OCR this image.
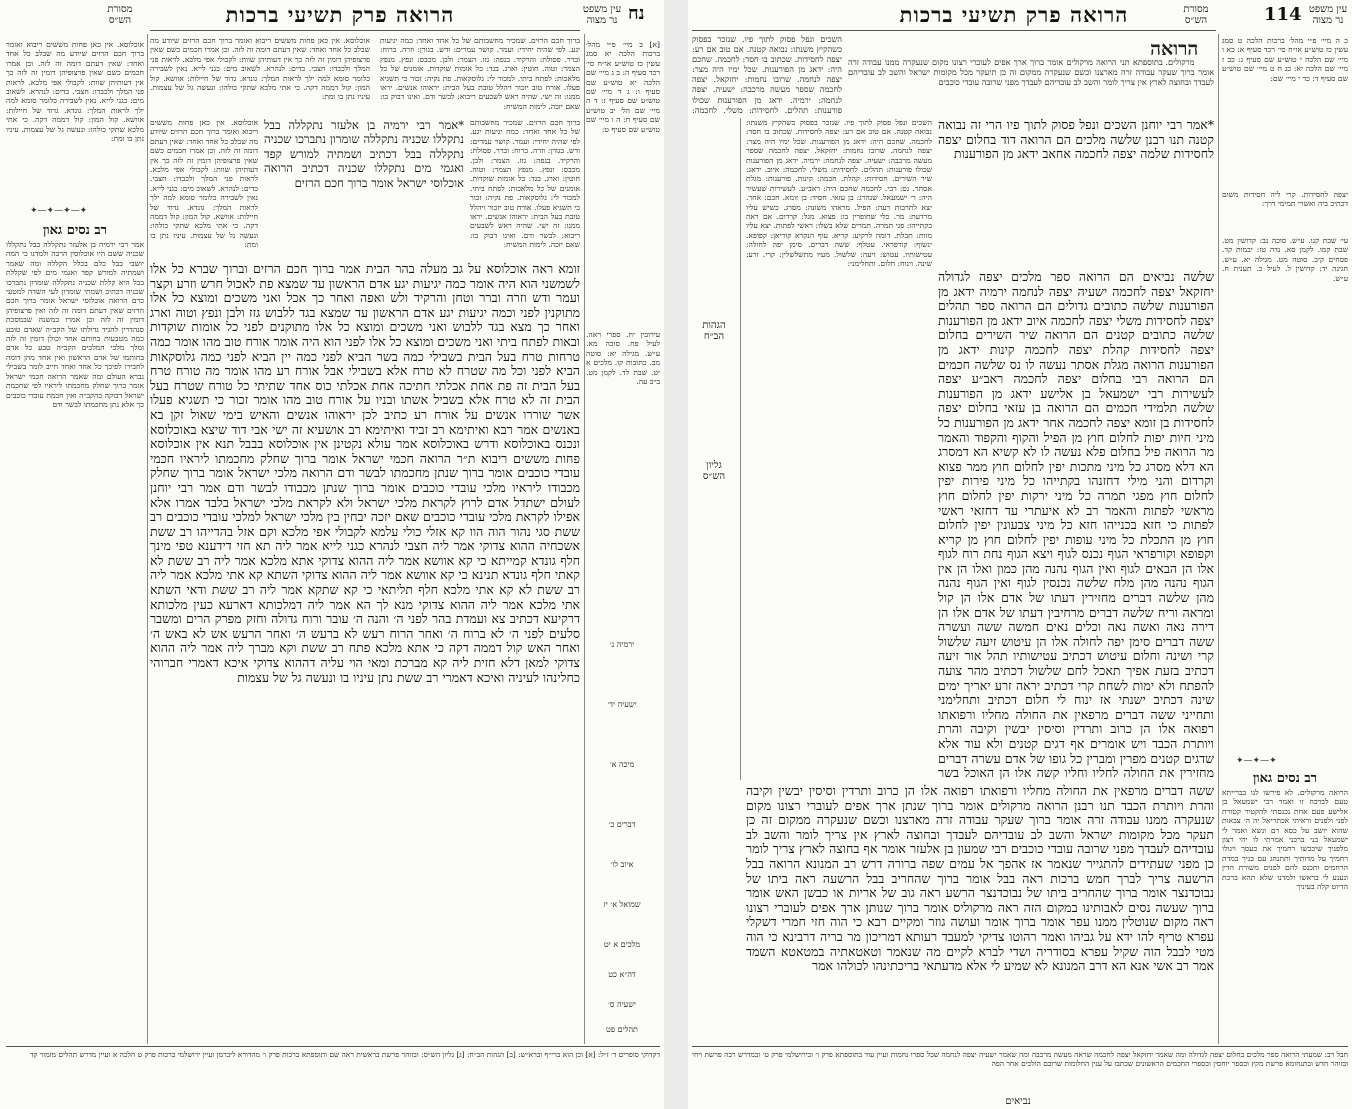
עין משפט
נר מצוה
הרואה פרק תשיעי ברכות	נח
מסורת
הש״ס
ברוך חכם הרזים. שמכיר מחשבותם של כל אחד ואחד: כמה יגיעות יגע. לפי שהיה יחידי: ועמר. קושר עמרים: ודש. בגורן: וזרה. ברוח: וברר. פסולת: והרקיד. בנפה: גזז. הצמר: ולבן. מכבס: ונפץ. מנפץ הצמר: וטוה. חוטין: וארג. בגד: כל אומות שוקדות. אומנים של כל מלאכות: לפתח ביתי. למכור לי: גלוסקאות. פת נקיה: זכור כי תשגיא פעלו. אורח טוב יזכור ויהלל טובת בעל הבית: יראוהו אנשים. יראו ממנו: זה ישי. שהיה ראש לשבעים ריבוא: לבשר ודם. ואינו דבוק בו: שאם יזכה. לימות המשיח:
אוכלוסא. אין כאן פחות מששים ריבוא ואומר ברוך חכם הרזים שיודע מה שבלב כל אחד ואחד: שאין דעתם דומה זה לזה. וכן אמרו חכמים כשם שאין פרצופיהן דומין זה לזה כך אין דעותיהן שוות: לקבולי אפי מלכא. לראות פני המלך ולכבדו: חצבי. כדים: לנהרא. לשאוב מים: כגני לייא. נאין לשבירה כלומר סומא למה ילך לראות המלך: גונדא. גדוד של חיילות: אוושא. קול המון: קול דממה דקה. כי אתי מלכא שתקי כולהו: ונעשה גל של עצמות. עיניו נתן בו ומת:
*אמר רבי ירמיה בן אלעזר נתקללה בבל נתקללו שכניה נתקללה שומרון נתברכו שכניה נתקללה בבל דכתיב ושמתיה למורש קפד ואגמי מים נתקללו שכניה דכתיב הרואה אוכלוסי ישראל אומר ברוך חכם הרזים
אוכלוסא. אין כאן פחות מששים ריבוא ואומר ברוך חכם הרזים שיודע מה שבלב כל אחד ואחד: שאין דעתם דומה זה לזה. וכן אמרו חכמים כשם שאין פרצופיהן דומין זה לזה כך אין דעותיהן שוות: לקבולי אפי מלכא. לראות פני המלך ולכבדו: חצבי. כדים: לנהרא. לשאוב מים: כגני לייא. נאין לשבירה כלומר סומא למה ילך לראות המלך: גונדא. גדוד של חיילות: אוושא. קול המון: קול דממה דקה. כי אתי מלכא שתקי כולהו: ונעשה גל של עצמות. עיניו נתן בו ומת:
ברוך חכם הרזים. שמכיר מחשבותם של כל אחד ואחד: כמה יגיעות יגע. לפי שהיה יחידי: ועמר. קושר עמרים: ודש. בגורן: וזרה. ברוח: וברר. פסולת: והרקיד. בנפה: גזז. הצמר: ולבן. מכבס: ונפץ. מנפץ הצמר: וטוה. חוטין: וארג. בגד: כל אומות שוקדות. אומנים של כל מלאכות: לפתח ביתי. למכור לי: גלוסקאות. פת נקיה: זכור כי תשגיא פעלו. אורח טוב יזכור ויהלל טובת בעל הבית: יראוהו אנשים. יראו ממנו: זה ישי. שהיה ראש לשבעים ריבוא: לבשר ודם. ואינו דבוק בו: שאם יזכה. לימות המשיח:
זומא ראה אוכלוסא על גב מעלה בהר הבית אמר ברוך חכם הרזים וברוך שברא כל אלו לשמשני הוא היה אומר כמה יגיעות יגע אדם הראשון עד שמצא פת לאכול חרש וזרע וקצר ועמר ודש וזרה וברר וטחן והרקיד ולש ואפה ואחר כך אכל ואני משכים ומוצא כל אלו מתוקנין לפני וכמה יגיעות יגע אדם הראשון עד שמצא בגד ללבוש גזז ולבן ונפץ וטוה וארג ואחר כך מצא בגד ללבוש ואני משכים ומוצא כל אלו מתוקנים לפני כל אומות שוקדות ובאות לפתח ביתי ואני משכים ומוצא כל אלו לפני הוא היה אומר אורח טוב מהו אומר כמה טרחות טרח בעל הבית בשבילי כמה בשר הביא לפני כמה יין הביא לפני כמה גלוסקאות הביא לפני וכל מה שטרח לא טרח אלא בשבילי אבל אורח רע מהו אומר מה טורח טרח בעל הבית זה פת אחת אכלתי חתיכה אחת אכלתי כוס אחד שתיתי כל טורח שטרח בעל הבית זה לא טרח אלא בשביל אשתו ובניו על אורח טוב מהו אומר זכור כי תשגיא פעלו אשר שוררו אנשים על אורח רע כתיב לכן יראוהו אנשים והאיש בימי שאול זקן בא באנשים אמר רבא ואיתימא רב זביד ואיתימא רב אושעיא זה ישי אבי דוד שיצא באוכלוסא ונכנס באוכלוסא ודרש באוכלוסא אמר עולא נקטינן אין אוכלוסא בבבל תנא אין אוכלוסא פחות מששים ריבוא ת״ר הרואה חכמי ישראל אומר ברוך שחלק מחכמתו ליראיו חכמי עובדי כוכבים אומר ברוך שנתן מחכמתו לבשר ודם הרואה מלכי ישראל אומר ברוך שחלק מכבודו ליראיו מלכי עובדי כוכבים אומר ברוך שנתן מכבודו לבשר ודם אמר רבי יוחנן לעולם ישתדל אדם לרוץ לקראת מלכי ישראל ולא לקראת מלכי ישראל בלבד אמרו אלא אפילו לקראת מלכי עובדי כוכבים שאם יזכה יבחין בין מלכי ישראל למלכי עובדי כוכבים רב ששת סגי נהור הוה הוו קא אזלי כולי עלמא לקבולי אפי מלכא וקם אזל בהדייהו רב ששת אשכחיה ההוא צדוקי אמר ליה חצבי לנהרא כגני לייא אמר ליה תא חזי דידענא טפי מינך חלף גונדא קמייתא כי קא אוושא אמר ליה ההוא צדוקי אתא מלכא אמר ליה רב ששת לא קאתי חלף גונדא תנינא כי קא אוושא אמר ליה ההוא צדוקי השתא קא אתי מלכא אמר ליה רב ששת לא קא אתי מלכא חלף תליתאי כי קא שתקא אמר ליה רב ששת ודאי השתא אתי מלכא אמר ליה ההוא צדוקי מנא לך הא אמר ליה דמלכותא דארעא כעין מלכותא דרקיעא דכתיב צא ועמדת בהר לפני ה׳ והנה ה׳ עובר ורוח גדולה וחזק מפרק הרים ומשבר סלעים לפני ה׳ לא ברוח ה׳ ואחר הרוח רעש לא ברעש ה׳ ואחר הרעש אש לא באש ה׳ ואחר האש קול דממה דקה כי אתא מלכא פתח רב ששת וקא מברך ליה אמר ליה ההוא צדוקי למאן דלא חזית ליה קא מברכת ומאי הוי עליה דההוא צדוקי איכא דאמרי חברוהי כחלינהו לעיניה ואיכא דאמרי רב ששת נתן עיניו בו ונעשה גל של עצמות
[א] ב מיי׳ פ״י מהל׳ ברכות הלכה יא סמג עשין כז טוש״ע או״ח סי׳ רכד סעיף ה: ב ג מיי׳ שם הלכה יא טוש״ע שם סעיף ו: ג ד מיי׳ שם טוש״ע שם סעיף ז: ד ה מיי׳ שם הל׳ יב טוש״ע שם סעיף ח: ה ו מיי׳ שם טוש״ע שם סעיף ט:
עירובין יח. ספרי ראה. לעיל פח. סוכה מא. ע״ש. מגילה יא: סוטה מב. כתובות קו. מלכים א יט. שבת לד. לקמן מט. ב״ב עה.
אוכלוסא. אין כאן פחות מששים ריבוא ואומר ברוך חכם הרזים שיודע מה שבלב כל אחד ואחד: שאין דעתם דומה זה לזה. וכן אמרו חכמים כשם שאין פרצופיהן דומין זה לזה כך אין דעותיהן שוות: לקבולי אפי מלכא. לראות פני המלך ולכבדו: חצבי. כדים: לנהרא. לשאוב מים: כגני לייא. נאין לשבירה כלומר סומא למה ילך לראות המלך: גונדא. גדוד של חיילות: אוושא. קול המון: קול דממה דקה. כי אתי מלכא שתקי כולהו: ונעשה גל של עצמות. עיניו נתן בו ומת:
✦—✦—✦—✦
רב נסים גאון
אמר רבי ירמיה בן אלעזר נתקללה בבל נתקללו שכניה ששם היו אוכלוסין הרבה ולמדנו כי המה יושבי בבל כלם בכלל הקללה ומה שאמר ושמתיה למורש קפד ואגמי מים לפי שקללת בבל היא קללת שכניה נתקללה שומרון נתברכו שכניה דכתיב ושמתי שומרון לעי השדה למטעי כרם הרואה אוכלוסי ישראל אומר ברוך חכם הרזים שאין דעתם דומה זה לזה ואין פרצופיהן דומין זה לזה וכן אמרו במשנה שבמסכת סנהדרין להגיד גדולתו של הקב״ה שאדם טובע כמה מטבעות בחותם אחד וכולן דומין זה לזה ומלך מלכי המלכים הקב״ה טבע כל אדם בחותמו של אדם הראשון ואין אחד מהן דומה לחבירו לפיכך כל אחד ואחד חייב לומר בשבילי נברא העולם ומה שאמר הרואה חכמי ישראל אומר ברוך שחלק מחכמתו ליראיו לפי שחכמת ישראל דבוקה בהקב״ה ואין חכמת עובדי כוכבים כך אלא נתן מחכמתו לבשר ודם
ירמיה נ׳
ישעיה יד׳
מיכה א׳
דברים כ׳
איוב לו׳
שמואל א׳ יז
מלכים א יט
דה״א כט
ישעיה ס׳
תהלים פט
דקדוקי סופרים ד׳ ז״ל: [א] וכן הוא ברי״ף וברא״ש: [ב] הגהות הב״ח: [ג] גליון הש״ס: ובזוהר פרשת בראשית ראה שם ותוספתא ברכות פרק ו׳ מהדורא ליברמן ועיין ירושלמי ברכות פרק ט הלכה א ועיין מדרש תהלים מזמור קד
עין משפט
נר מצוה
114
הרואה פרק תשיעי ברכות	מסורת
הש״ס
כ ה מיי׳ פ״י מהל׳ ברכות הלכה ט סמג עשין כז טוש״ע או״ח סי׳ רכד סעיף א: כא ו מיי׳ שם הלכה י טוש״ע שם סעיף ג: כב ז מיי׳ שם הלכה יא: כג ח ט מיי׳ שם טוש״ע שם סעיף ד: כד י מיי׳ שם:
יצפה לחסידות. קרי ליה חסידות משום דכתיב ביה ואשרי תמימי דרך:
עי׳ שבת קנו. ע״ש. סוכה נב: קדושין מט. שבת קמו. לקמן סא. נדה טז: יבמות קד. פסחים קיב. סוטה מט. מגילה יא. ע״ש. חגיגה יד: קדושין ל. לעיל כ. תענית ח. ע״ש.
✦—✦—✦
רב נסים גאון
הרואה מרקולים. לא פירשו לנו בברייתא טעם לברכה זו ואמר רבי ישמעאל בן אלישע פעם אחת נכנסתי להקטיר קטורת לפני ולפנים וראיתי אכתריאל יה ה׳ צבאות שהוא יושב על כסא רם ונשא ואמר לי ישמעאל בני ברכני אמרתי לו יהי רצון מלפניך שיכבשו רחמיך את כעסך ויגולו רחמיך על מדותיך ותתנהג עם בניך במדת הרחמים ותכנס להם לפנים משורת הדין ונענע לי בראשו ולמדנו שלא תהא ברכת הדיוט קלה בעיניך

הרואה
מרקולים. בתוספתא תני הרואה מרקולים אומר ברוך ארך אפים לעוברי רצונו מקום שנעקרה ממנו עבודה זרה אומר ברוך שעקר עבודה זרה מארצנו וכשם שנעקרה ממקום זה כן תיעקר מכל מקומות ישראל והשב לב עובדיהם לעבדך ובחוצה לארץ אין צריך לומר והשב לב עובדיהם לעבדך מפני שרובה עובדי כוכבים

השכים ונפל פסוק לתוך פיו. שנזכר בפסוק כשהקיץ משנתו: נבואה קטנה. אם טוב אם רע: יצפה לחסידות. שכתוב בו חסד: לחכמה. שחכם היה: ידאג מן הפורענות. שכל ימיו היה מצר: יצפה לנחמה. שרובו נחמות: יחזקאל. יצפה לחכמה שספר מעשה מרכבה: ישעיה. יצפה לנחמה: ירמיה. ידאג מן הפורענות שכולו פורענות: תהלים. לחסידות: משלי. לחכמה:
*אמר רבי יוחנן השכים ונפל פסוק לתוך פיו הרי זה נבואה קטנה תנו רבנן שלשה מלכים הם הרואה דוד בחלום יצפה לחסידות שלמה יצפה לחכמה אחאב ידאג מן הפורענות
שלשה נביאים הם הרואה ספר מלכים יצפה לגדולה יחזקאל יצפה לחכמה ישעיה יצפה לנחמה ירמיה ידאג מן הפורענות שלשה כתובים גדולים הם הרואה ספר תהלים יצפה לחסידות משלי יצפה לחכמה איוב ידאג מן הפורענות שלשה כתובים קטנים הם הרואה שיר השירים בחלום יצפה לחסידות קהלת יצפה לחכמה קינות ידאג מן הפורענות הרואה מגלת אסתר נעשה לו נס שלשה חכמים הם הרואה רבי בחלום יצפה לחכמה ראב״ע יצפה לעשירות רבי ישמעאל בן אלישע ידאג מן הפורענות שלשה תלמידי חכמים הם הרואה בן עזאי בחלום יצפה לחסידות בן זומא יצפה לחכמה אחר ידאג מן הפורענות כל מיני חיות יפות לחלום חוץ מן הפיל והקוף והקפוד והאמר מר הרואה פיל בחלום פלא נעשה לו לא קשיא הא דמסרג הא דלא מסרג כל מיני מתכות יפין לחלום חוץ ממר פצוא וקרדום והני מילי דחזנהו בקתייהו כל מיני פירות יפין לחלום חוץ מפגי תמרה כל מיני ירקות יפין לחלום חוץ מראשי לפתות והאמר רב לא איעתרי עד דחזאי ראשי לפתות כי חזא בכנייהו חזא כל מיני צבעונין יפין לחלום חוץ מן התכלת כל מיני עופות יפין לחלום חוץ מן קריא וקפופא וקורפראי הגוף נכנס לגוף ויצא הגוף נחת רוח לגוף אלו הן הבאים לגוף ואין הגוף נהנה מהן כמון ואלו הן אין הגוף נהנה מהן מלח שלשה נכנסין לגוף ואין הגוף נהנה מהן שלשה דברים מחזירין דעתו של אדם אלו הן קול ומראה וריח שלשה דברים מרחיבין דעתו של אדם אלו הן דירה נאה ואשה נאה וכלים נאים חמשה ששה ועשרה ששה דברים סימן יפה לחולה אלו הן עיטוש זיעה שלשול קרי ושינה וחלום עיטוש דכתיב עטישותיו תהל אור זיעה דכתיב בזעת אפיך תאכל לחם שלשול דכתיב מהר צועה להפתח ולא ימות לשחת קרי דכתיב יראה זרע יאריך ימים שינה דכתיב ישנתי אז ינוח לי חלום דכתיב ותחלימני ותחייני ששה דברים מרפאין את החולה מחליו ורפואתו רפואה אלו הן כרוב ותרדין וסיסין יבשין וקיבה והרת ויותרת הכבד ויש אומרים אף דגים קטנים ולא עוד אלא שדגים קטנים מפרין ומברין כל גופו של אדם עשרה דברים מחזירין את החולה לחליו וחליו קשה אלו הן האוכל בשר
השכים ונפל פסוק לתוך פיו. שנזכר בפסוק כשהקיץ משנתו: נבואה קטנה. אם טוב אם רע: יצפה לחסידות. שכתוב בו חסד: לחכמה. שחכם היה: ידאג מן הפורענות. שכל ימיו היה מצר: יצפה לנחמה. שרובו נחמות: יחזקאל. יצפה לחכמה שספר מעשה מרכבה: ישעיה. יצפה לנחמה: ירמיה. ידאג מן הפורענות שכולו פורענות: תהלים. לחסידות: משלי. לחכמה: איוב. ידאג: שיר השירים. חסידות: קהלת. חכמה: קינות. פורענות: מגלת אסתר. נס: רבי. לחכמה שחכם היה: ראב״ע. לעשירות שעשיר היה: ר׳ ישמעאל. שנהרג: בן עזאי. חסיד: בן זומא. חכם: אחר. יצא לתרבות רעה: הפיל. מראהו משונה: מסרג. כשיש עליו מרדעת: מר. כלי שחופרין בו: פצוא. מגל: קרדום. אם ראה בקתייהו: פגי תמרה. תמרים שלא בשלו: ראשי לפתות. יצא עליו מוות: תכלת. דומה לרקיע: קריא. עוף הנקרא קוריאן: קפופא. ינשוף: קורפראי. עטלף: ששה דברים. סימן יפה לחולה: עטישותיו. עטוש: זיעה: שלשול. מעיו מתשלשלין: קרי. זרע: שינה. וינוח: חלום. ותחלימני:
הגהות
הב״ח
גליון
הש״ס
ששה דברים מרפאין את החולה מחליו ורפואתו רפואה אלו הן כרוב ותרדין וסיסין יבשין וקיבה והרת ויותרת הכבד תנו רבנן הרואה מרקולים אומר ברוך שנתן ארך אפים לעוברי רצונו מקום שנעקרה ממנו עבודה זרה אומר ברוך שעקר עבודה זרה מארצנו וכשם שנעקרה ממקום זה כן תעקר מכל מקומות ישראל והשב לב עובדיהם לעבדך ובחוצה לארץ אין צריך לומר והשב לב עובדיהם לעבדך מפני שרובה עובדי כוכבים רבי שמעון בן אלעזר אומר אף בחוצה לארץ צריך לומר כן מפני שעתידים להתגייר שנאמר אז אהפך אל עמים שפה ברורה דרש רב המנונא הרואה בבל הרשעה צריך לברך חמש ברכות ראה בבל אומר ברוך שהחריב בבל הרשעה ראה ביתו של נבוכדנצר אומר ברוך שהחריב ביתו של נבוכדנצר הרשע ראה גוב של אריות או כבשן האש אומר ברוך שעשה נסים לאבותינו במקום הזה ראה מרקוליס אומר ברוך שנותן ארך אפים לעוברי רצונו ראה מקום שנוטלין ממנו עפר אומר ברוך אומר ועושה גוזר ומקיים רבא כי הוה חזי חמרי דשקלי עפרא טריף להו ידא על גביהו ואמר רהוטו צדיקי למעבד רעותא דמריכון מר בריה דרבינא כי הוה מטי לבבל הוה שקיל עפרא בסודריה ושדי לברא לקיים מה שנאמר וטאטאתיה במטאטא השמד אמר רב אשי אנא הא דרב המנונא לא שמיע לי אלא מדעתאי בריכתינהו לכולהו אמר
חבל רב: שמעתי הרואה ספר מלכים בחלום יצפה לגדולה ומה שאמר יחזקאל יצפה לחכמה שראה מעשה מרכבה ומה שאמר ישעיה יצפה לנחמה שכל ספרו נחמות ועיין עוד בתוספתא פרק ו׳ ובירושלמי פרק ט׳ ובמדרש רבה פרשת ויחי ובזוהר חדש ובתנחומא פרשת מקץ ובספר יוחסין ובספרי החכמים הראשונים שכתבו על ענין החלומות שרובם הולכים אחר הפה
נביאים
